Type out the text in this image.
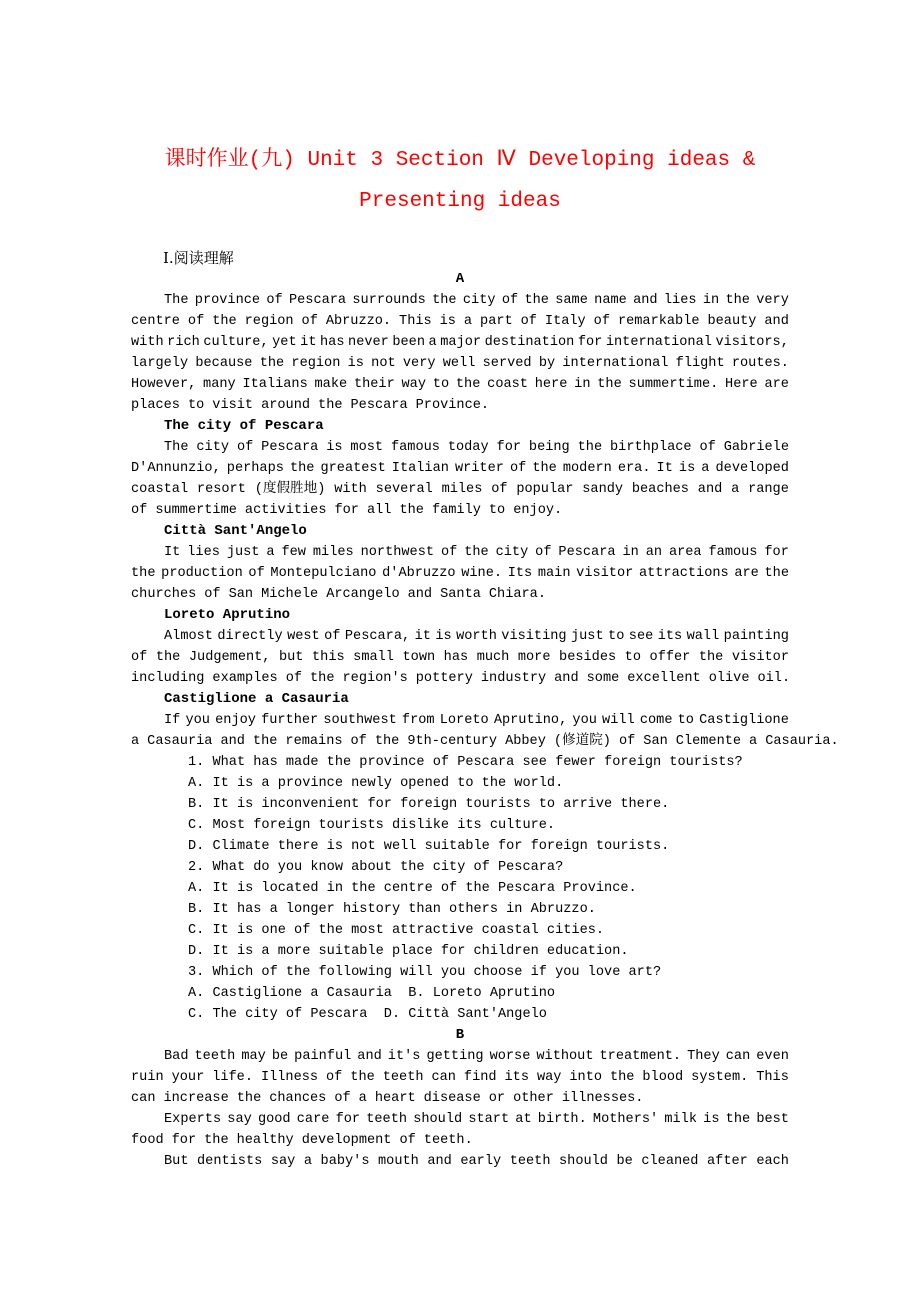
课时作业(九) Unit 3 Section Ⅳ Developing ideas &
Presenting ideas
Ⅰ.阅读理解
A
The province of Pescara surrounds the city of the same name and lies in the very
centre of the region of Abruzzo. This is a part of Italy of remarkable beauty and
with rich culture, yet it has never been a major destination for international visitors,
largely because the region is not very well served by international flight routes.
However, many Italians make their way to the coast here in the summertime. Here are
places to visit around the Pescara Province.
The city of Pescara
The city of Pescara is most famous today for being the birthplace of Gabriele
D'Annunzio, perhaps the greatest Italian writer of the modern era. It is a developed
coastal resort (度假胜地) with several miles of popular sandy beaches and a range
of summertime activities for all the family to enjoy.
Città Sant'Angelo
It lies just a few miles northwest of the city of Pescara in an area famous for
the production of Montepulciano d'Abruzzo wine. Its main visitor attractions are the
churches of San Michele Arcangelo and Santa Chiara.
Loreto Aprutino
Almost directly west of Pescara, it is worth visiting just to see its wall painting
of the Judgement, but this small town has much more besides to offer the visitor
including examples of the region's pottery industry and some excellent olive oil.
Castiglione a Casauria
If you enjoy further southwest from Loreto Aprutino, you will come to Castiglione
a Casauria and the remains of the 9th-century Abbey (修道院) of San Clemente a Casauria.
1. What has made the province of Pescara see fewer foreign tourists?
A. It is a province newly opened to the world.
B. It is inconvenient for foreign tourists to arrive there.
C. Most foreign tourists dislike its culture.
D. Climate there is not well suitable for foreign tourists.
2. What do you know about the city of Pescara?
A. It is located in the centre of the Pescara Province.
B. It has a longer history than others in Abruzzo.
C. It is one of the most attractive coastal cities.
D. It is a more suitable place for children education.
3. Which of the following will you choose if you love art?
A. Castiglione a Casauria  B. Loreto Aprutino
C. The city of Pescara  D. Città Sant'Angelo
B
Bad teeth may be painful and it's getting worse without treatment. They can even
ruin your life. Illness of the teeth can find its way into the blood system. This
can increase the chances of a heart disease or other illnesses.
Experts say good care for teeth should start at birth. Mothers' milk is the best
food for the healthy development of teeth.
But dentists say a baby's mouth and early teeth should be cleaned after each
